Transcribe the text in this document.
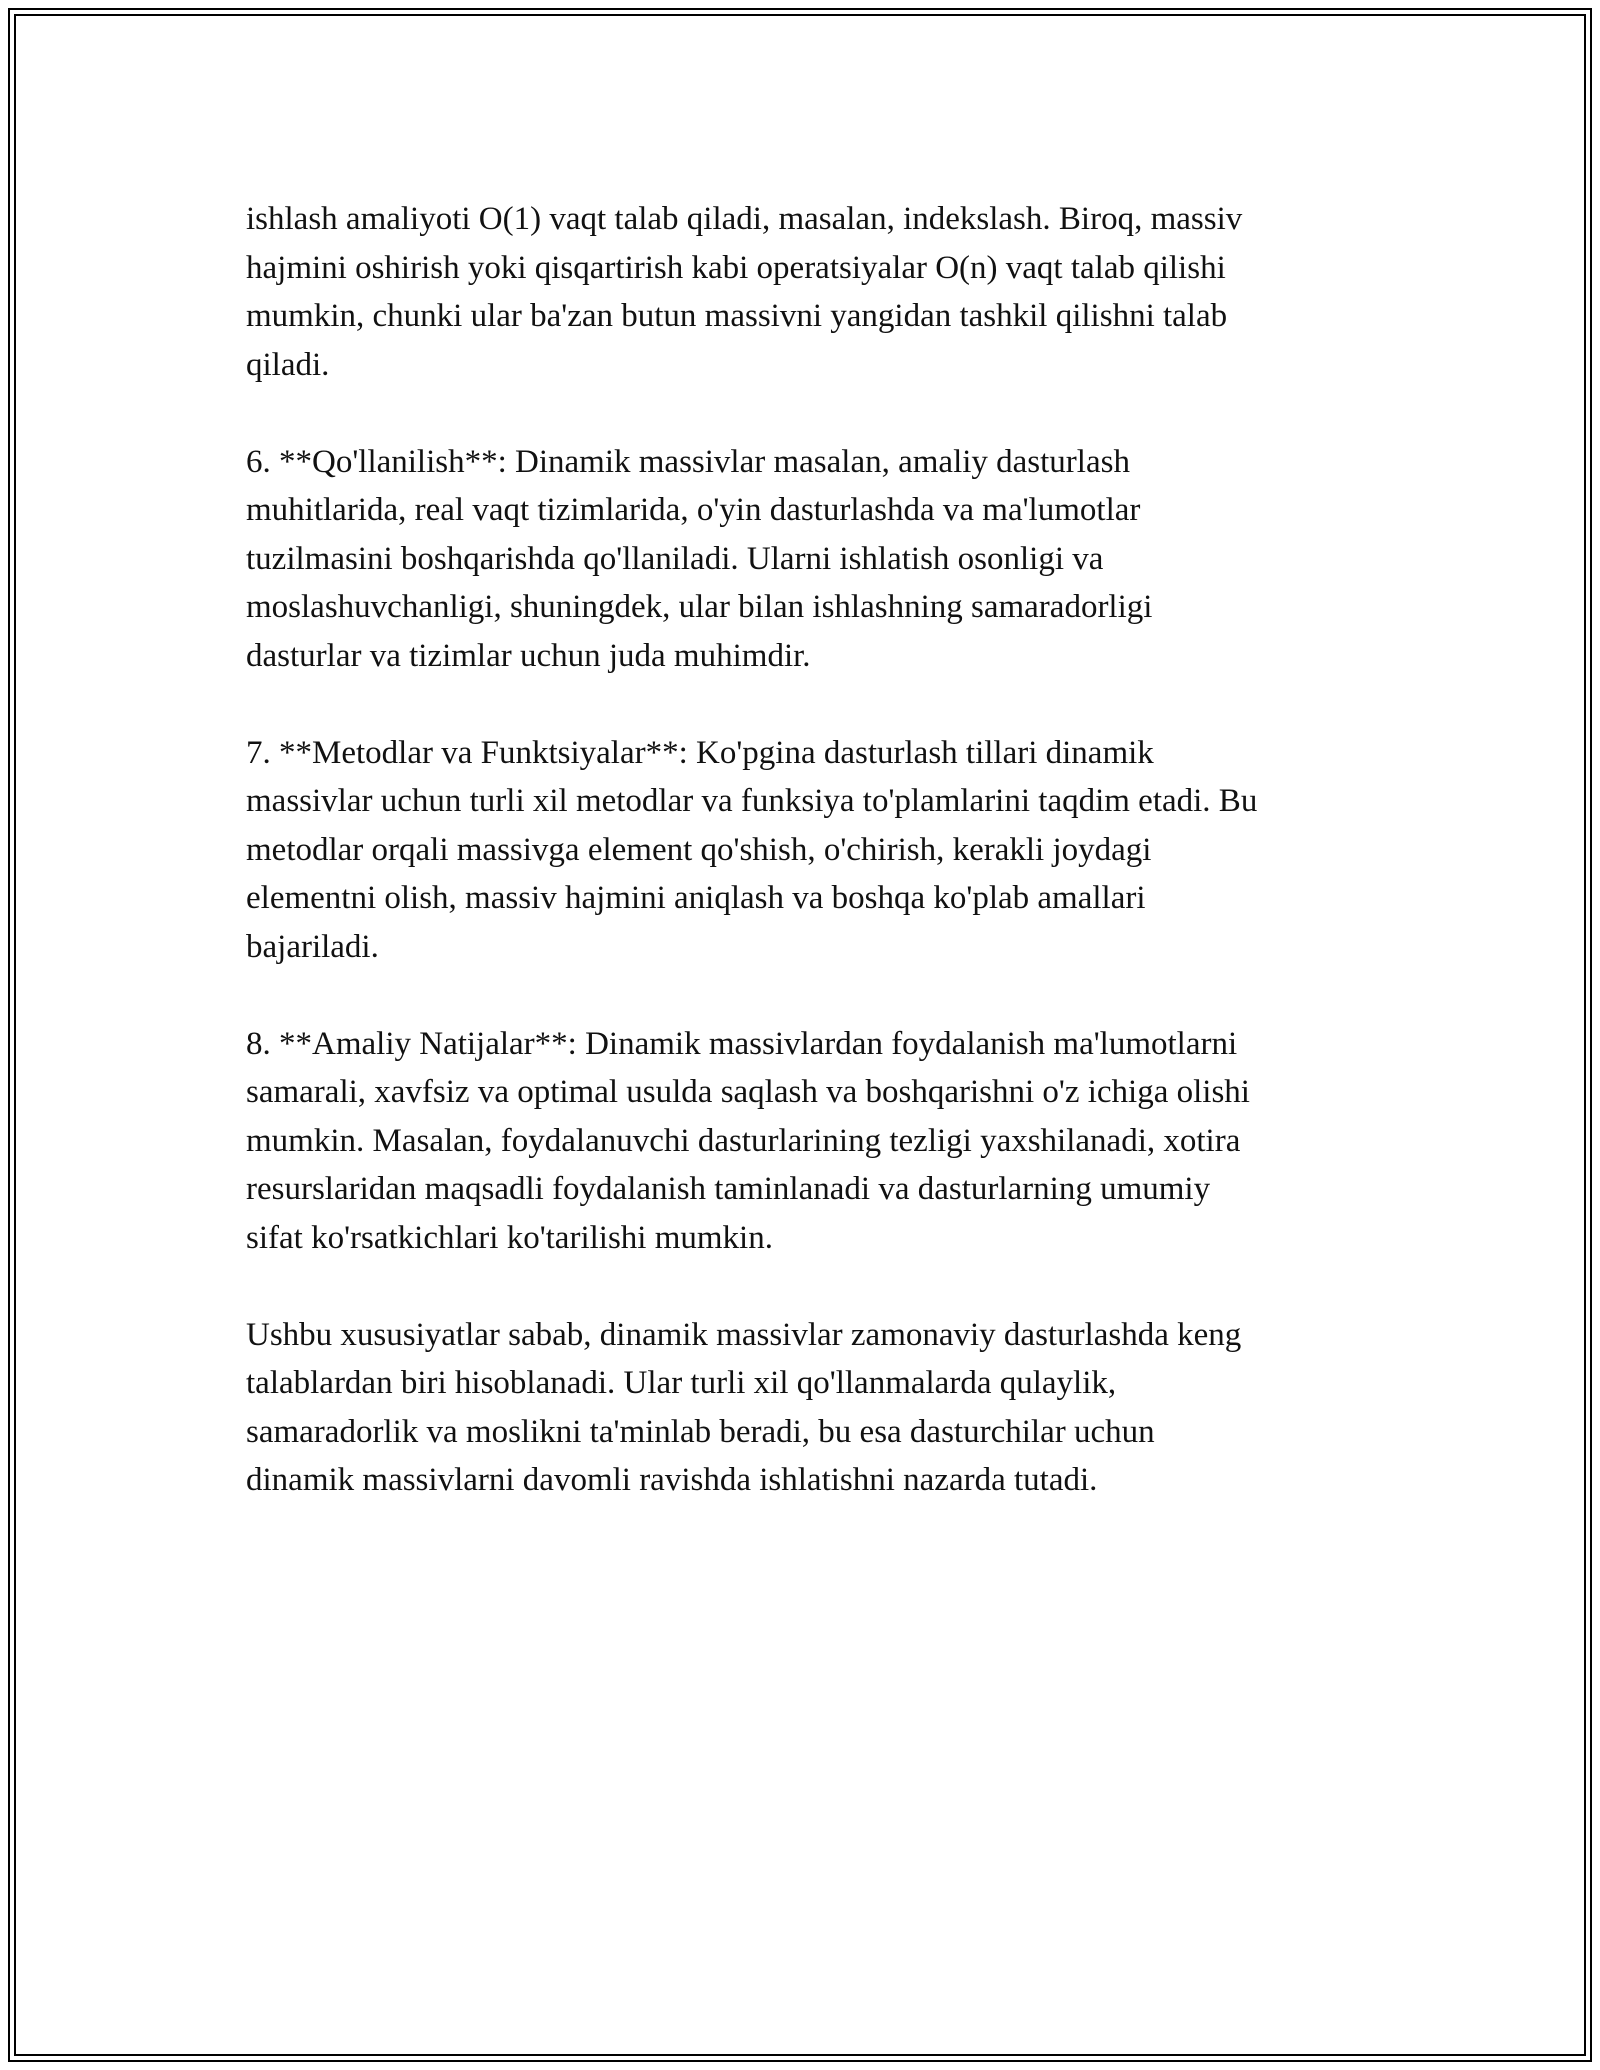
ishlash amaliyoti O(1) vaqt talab qiladi, masalan, indekslash. Biroq, massiv
hajmini oshirish yoki qisqartirish kabi operatsiyalar O(n) vaqt talab qilishi
mumkin, chunki ular ba'zan butun massivni yangidan tashkil qilishni talab
qiladi.

6. **Qo'llanilish**: Dinamik massivlar masalan, amaliy dasturlash
muhitlarida, real vaqt tizimlarida, o'yin dasturlashda va ma'lumotlar
tuzilmasini boshqarishda qo'llaniladi. Ularni ishlatish osonligi va
moslashuvchanligi, shuningdek, ular bilan ishlashning samaradorligi
dasturlar va tizimlar uchun juda muhimdir.

7. **Metodlar va Funktsiyalar**: Ko'pgina dasturlash tillari dinamik
massivlar uchun turli xil metodlar va funksiya to'plamlarini taqdim etadi. Bu
metodlar orqali massivga element qo'shish, o'chirish, kerakli joydagi
elementni olish, massiv hajmini aniqlash va boshqa ko'plab amallari
bajariladi.

8. **Amaliy Natijalar**: Dinamik massivlardan foydalanish ma'lumotlarni
samarali, xavfsiz va optimal usulda saqlash va boshqarishni o'z ichiga olishi
mumkin. Masalan, foydalanuvchi dasturlarining tezligi yaxshilanadi, xotira
resurslaridan maqsadli foydalanish taminlanadi va dasturlarning umumiy
sifat ko'rsatkichlari ko'tarilishi mumkin.

Ushbu xususiyatlar sabab, dinamik massivlar zamonaviy dasturlashda keng
talablardan biri hisoblanadi. Ular turli xil qo'llanmalarda qulaylik,
samaradorlik va moslikni ta'minlab beradi, bu esa dasturchilar uchun
dinamik massivlarni davomli ravishda ishlatishni nazarda tutadi.
